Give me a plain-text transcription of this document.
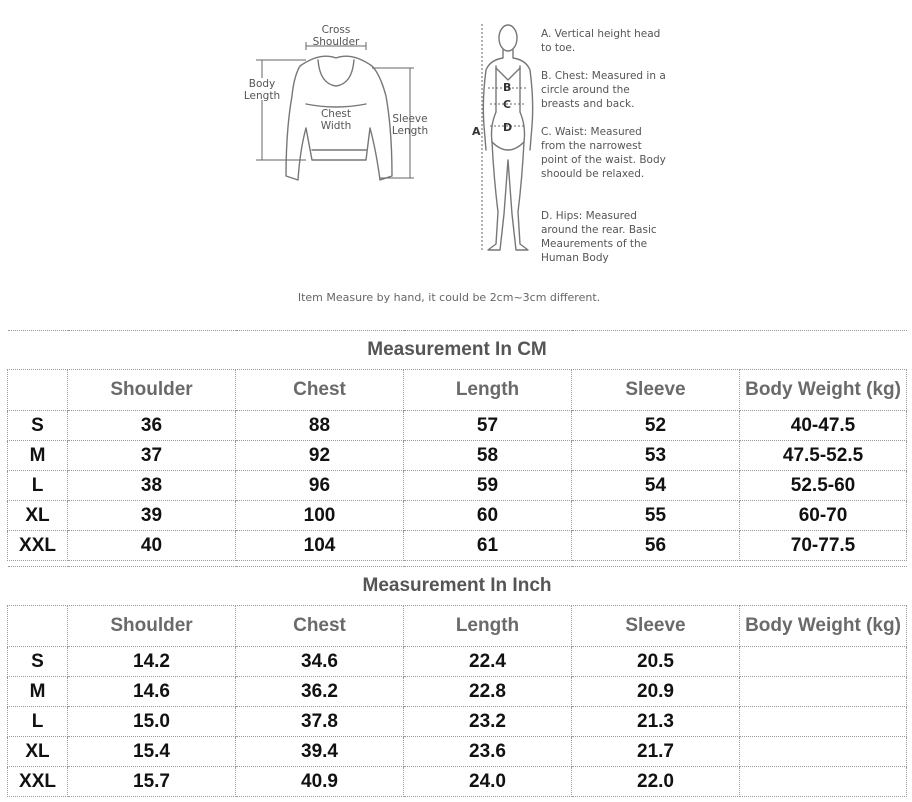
Cross
Shoulder
Body
Length
Chest
Width
Sleeve
Length	A
B
C
D
A. Vertical height head to toe.
B. Chest: Measured in a circle around the breasts and back.
C. Waist: Measured from the narrowest point of the waist. Body shoould be relaxed.
D. Hips: Measured around the rear. Basic Meaurements of the Human Body
Item Measure by hand, it could be 2cm~3cm different.
Measurement In CM					
	Shoulder	Chest	Length	Sleeve	Body Weight (kg)
S	36	88	57	52	40-47.5
M	37	92	58	53	47.5-52.5
L	38	96	59	54	52.5-60
XL	39	100	60	55	60-70
XXL	40	104	61	56	70-77.5
Measurement In Inch					
	Shoulder	Chest	Length	Sleeve	Body Weight (kg)
S	14.2	34.6	22.4	20.5	
M	14.6	36.2	22.8	20.9	
L	15.0	37.8	23.2	21.3	
XL	15.4	39.4	23.6	21.7	
XXL	15.7	40.9	24.0	22.0	
